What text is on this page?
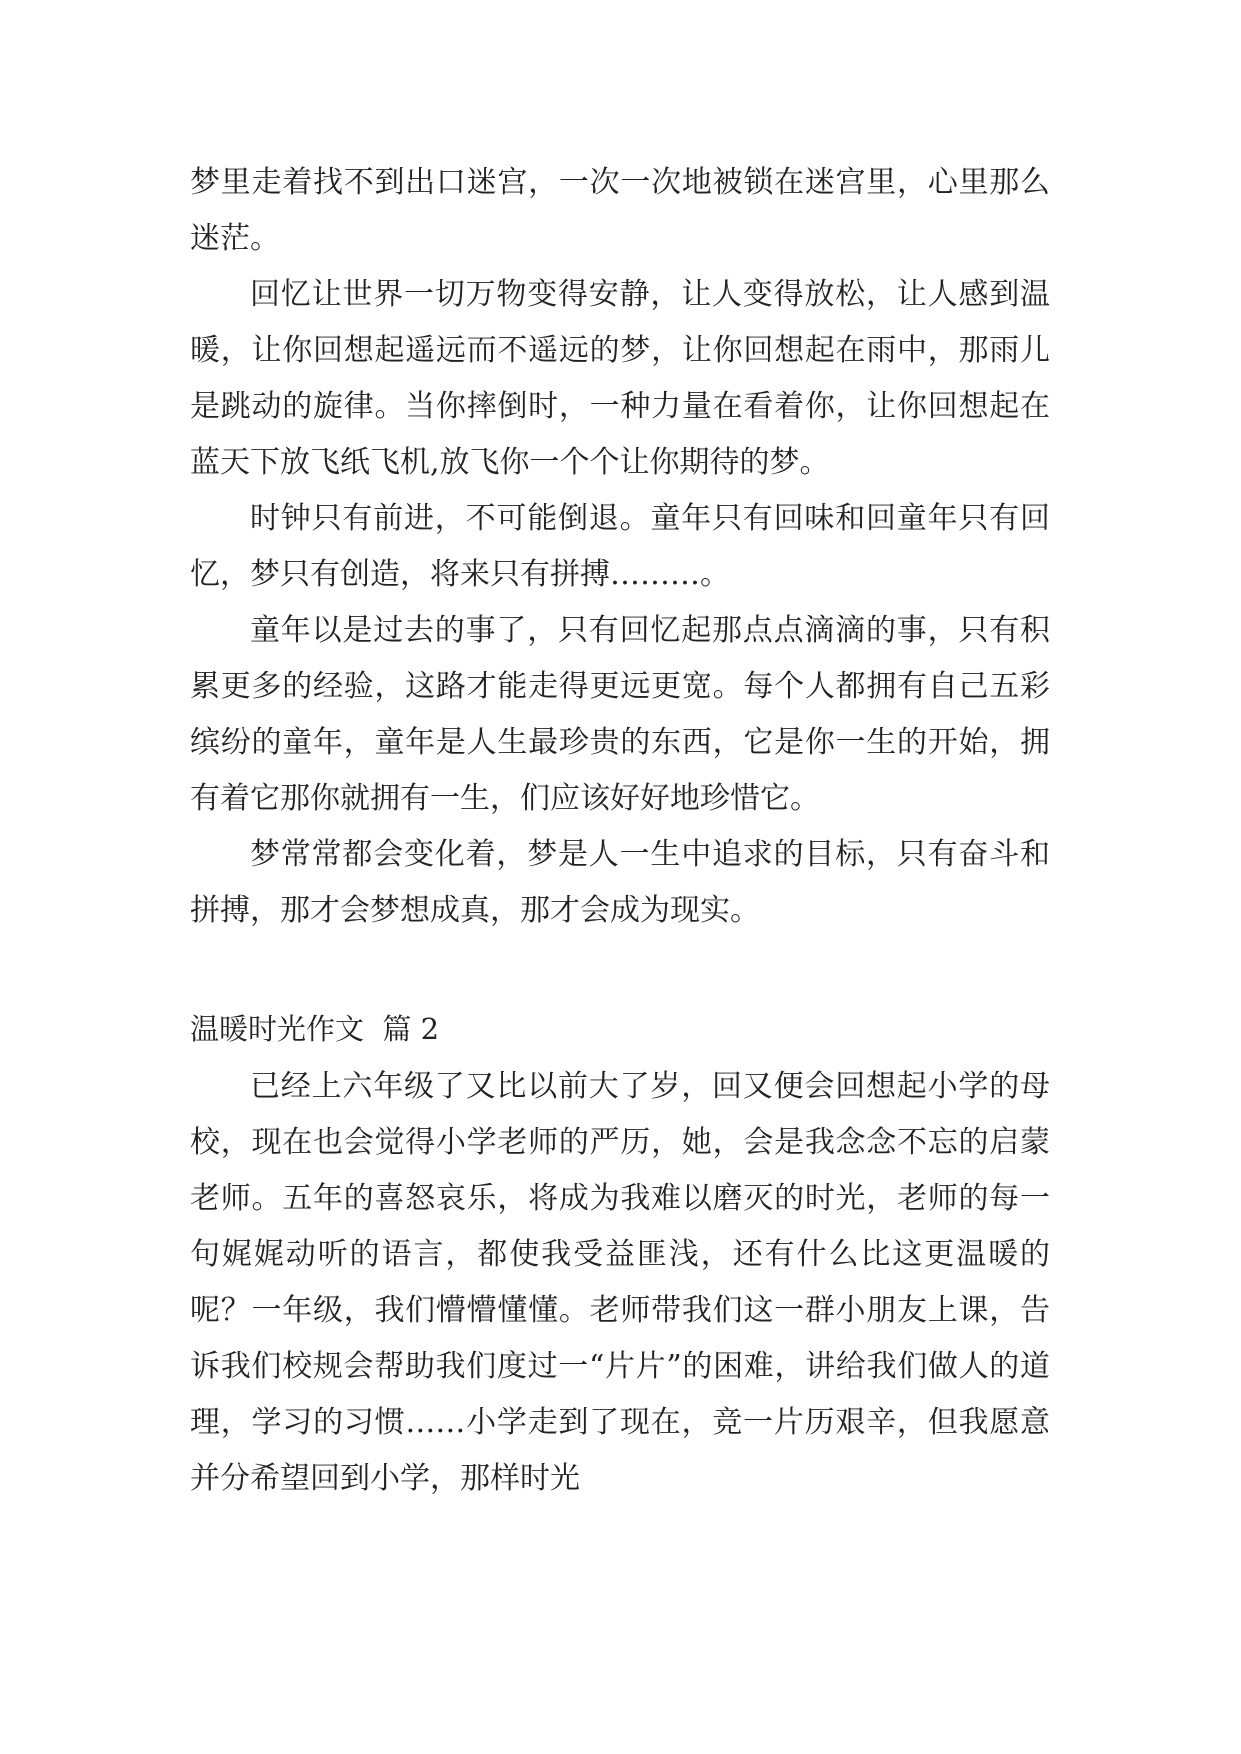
梦里走着找不到出口迷宫，一次一次地被锁在迷宫里，心里那么迷茫。

回忆让世界一切万物变得安静，让人变得放松，让人感到温暖，让你回想起遥远而不遥远的梦，让你回想起在雨中，那雨儿是跳动的旋律。当你摔倒时，一种力量在看着你，让你回想起在蓝天下放飞纸飞机,放飞你一个个让你期待的梦。

时钟只有前进，不可能倒退。童年只有回味和回童年只有回忆，梦只有创造，将来只有拼搏………。

童年以是过去的事了，只有回忆起那点点滴滴的事，只有积累更多的经验，这路才能走得更远更宽。每个人都拥有自己五彩缤纷的童年，童年是人生最珍贵的东西，它是你一生的开始，拥有着它那你就拥有一生，们应该好好地珍惜它。

梦常常都会变化着，梦是人一生中追求的目标，只有奋斗和拼搏，那才会梦想成真，那才会成为现实。

温暖时光作文  篇 2

已经上六年级了又比以前大了岁，回又便会回想起小学的母校，现在也会觉得小学老师的严历，她，会是我念念不忘的启蒙老师。五年的喜怒哀乐，将成为我难以磨灭的时光，老师的每一句娓娓动听的语言，都使我受益匪浅，还有什么比这更温暖的呢？一年级，我们懵懵懂懂。老师带我们这一群小朋友上课，告诉我们校规会帮助我们度过一“片片”的困难，讲给我们做人的道理，学习的习惯……小学走到了现在，竞一片历艰辛，但我愿意并分希望回到小学，那样时光
